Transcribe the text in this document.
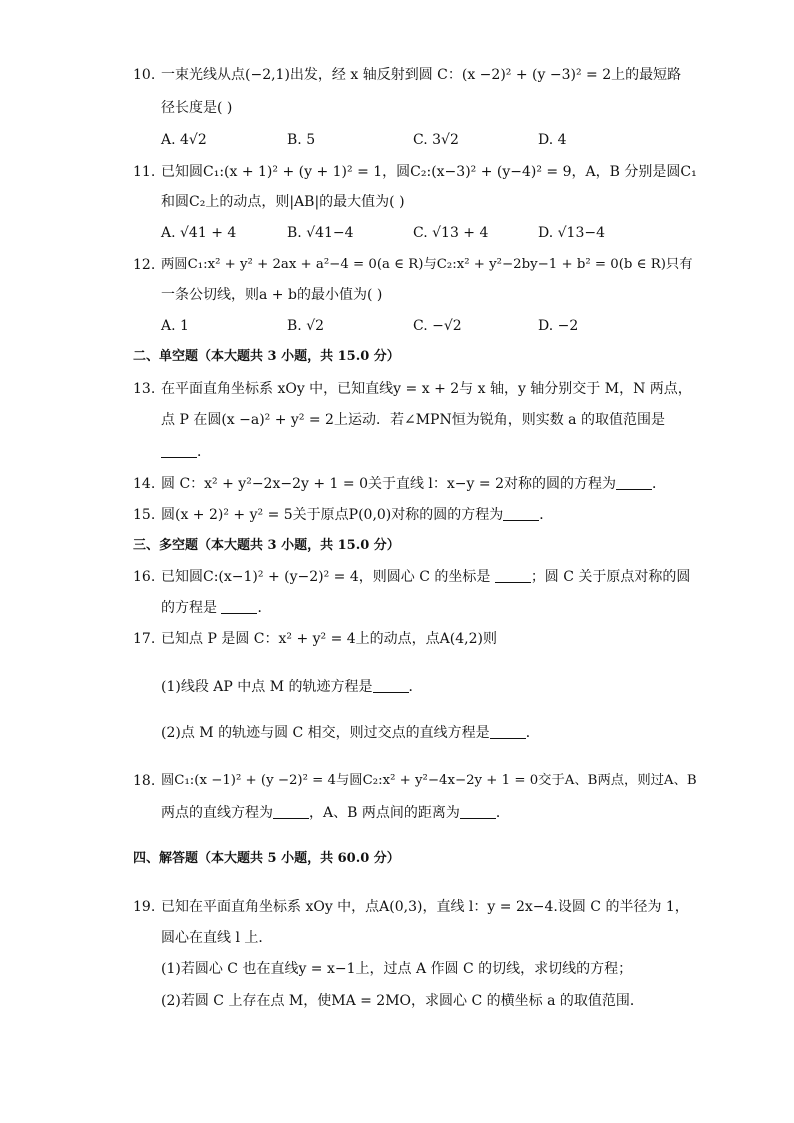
10. 一束光线从点(−2,1)出发，经 x 轴反射到圆 C：(x −2)² + (y −3)² = 2上的最短路
径长度是( )
A. 4√2	B. 5	C. 3√2	D. 4
11. 已知圆C₁:(x + 1)² + (y + 1)² = 1，圆C₂:(x−3)² + (y−4)² = 9，A，B 分别是圆C₁
和圆C₂上的动点，则|AB|的最大值为( )
A. √41 + 4	B. √41−4	C. √13 + 4	D. √13−4
12. 两圆C₁:x² + y² + 2ax + a²−4 = 0(a ∈ R)与C₂:x² + y²−2by−1 + b² = 0(b ∈ R)只有
一条公切线，则a + b的最小值为( )
A. 1	B. √2	C. −√2	D. −2
二、单空题（本大题共 3 小题，共 15.0 分）
13. 在平面直角坐标系 xOy 中，已知直线y = x + 2与 x 轴，y 轴分别交于 M，N 两点，
点 P 在圆(x −a)² + y² = 2上运动．若∠MPN恒为锐角，则实数 a 的取值范围是
．
14. 圆 C：x² + y²−2x−2y + 1 = 0关于直线 l：x−y = 2对称的圆的方程为	．
15. 圆(x + 2)² + y² = 5关于原点P(0,0)对称的圆的方程为	．
三、多空题（本大题共 3 小题，共 15.0 分）
16. 已知圆C:(x−1)² + (y−2)² = 4，则圆心 C 的坐标是	；圆 C 关于原点对称的圆
的方程是	．
17. 已知点 P 是圆 C：x² + y² = 4上的动点，点A(4,2)则
(1)线段 AP 中点 M 的轨迹方程是	．
(2)点 M 的轨迹与圆 C 相交，则过交点的直线方程是	．
18. 圆C₁:(x −1)² + (y −2)² = 4与圆C₂:x² + y²−4x−2y + 1 = 0交于A、B两点，则过A、B
两点的直线方程为	，A、B 两点间的距离为	．
四、解答题（本大题共 5 小题，共 60.0 分）
19. 已知在平面直角坐标系 xOy 中，点A(0,3)，直线 l：y = 2x−4.设圆 C 的半径为 1，
圆心在直线 l 上．
(1)若圆心 C 也在直线y = x−1上，过点 A 作圆 C 的切线，求切线的方程；
(2)若圆 C 上存在点 M，使MA = 2MO，求圆心 C 的横坐标 a 的取值范围．
